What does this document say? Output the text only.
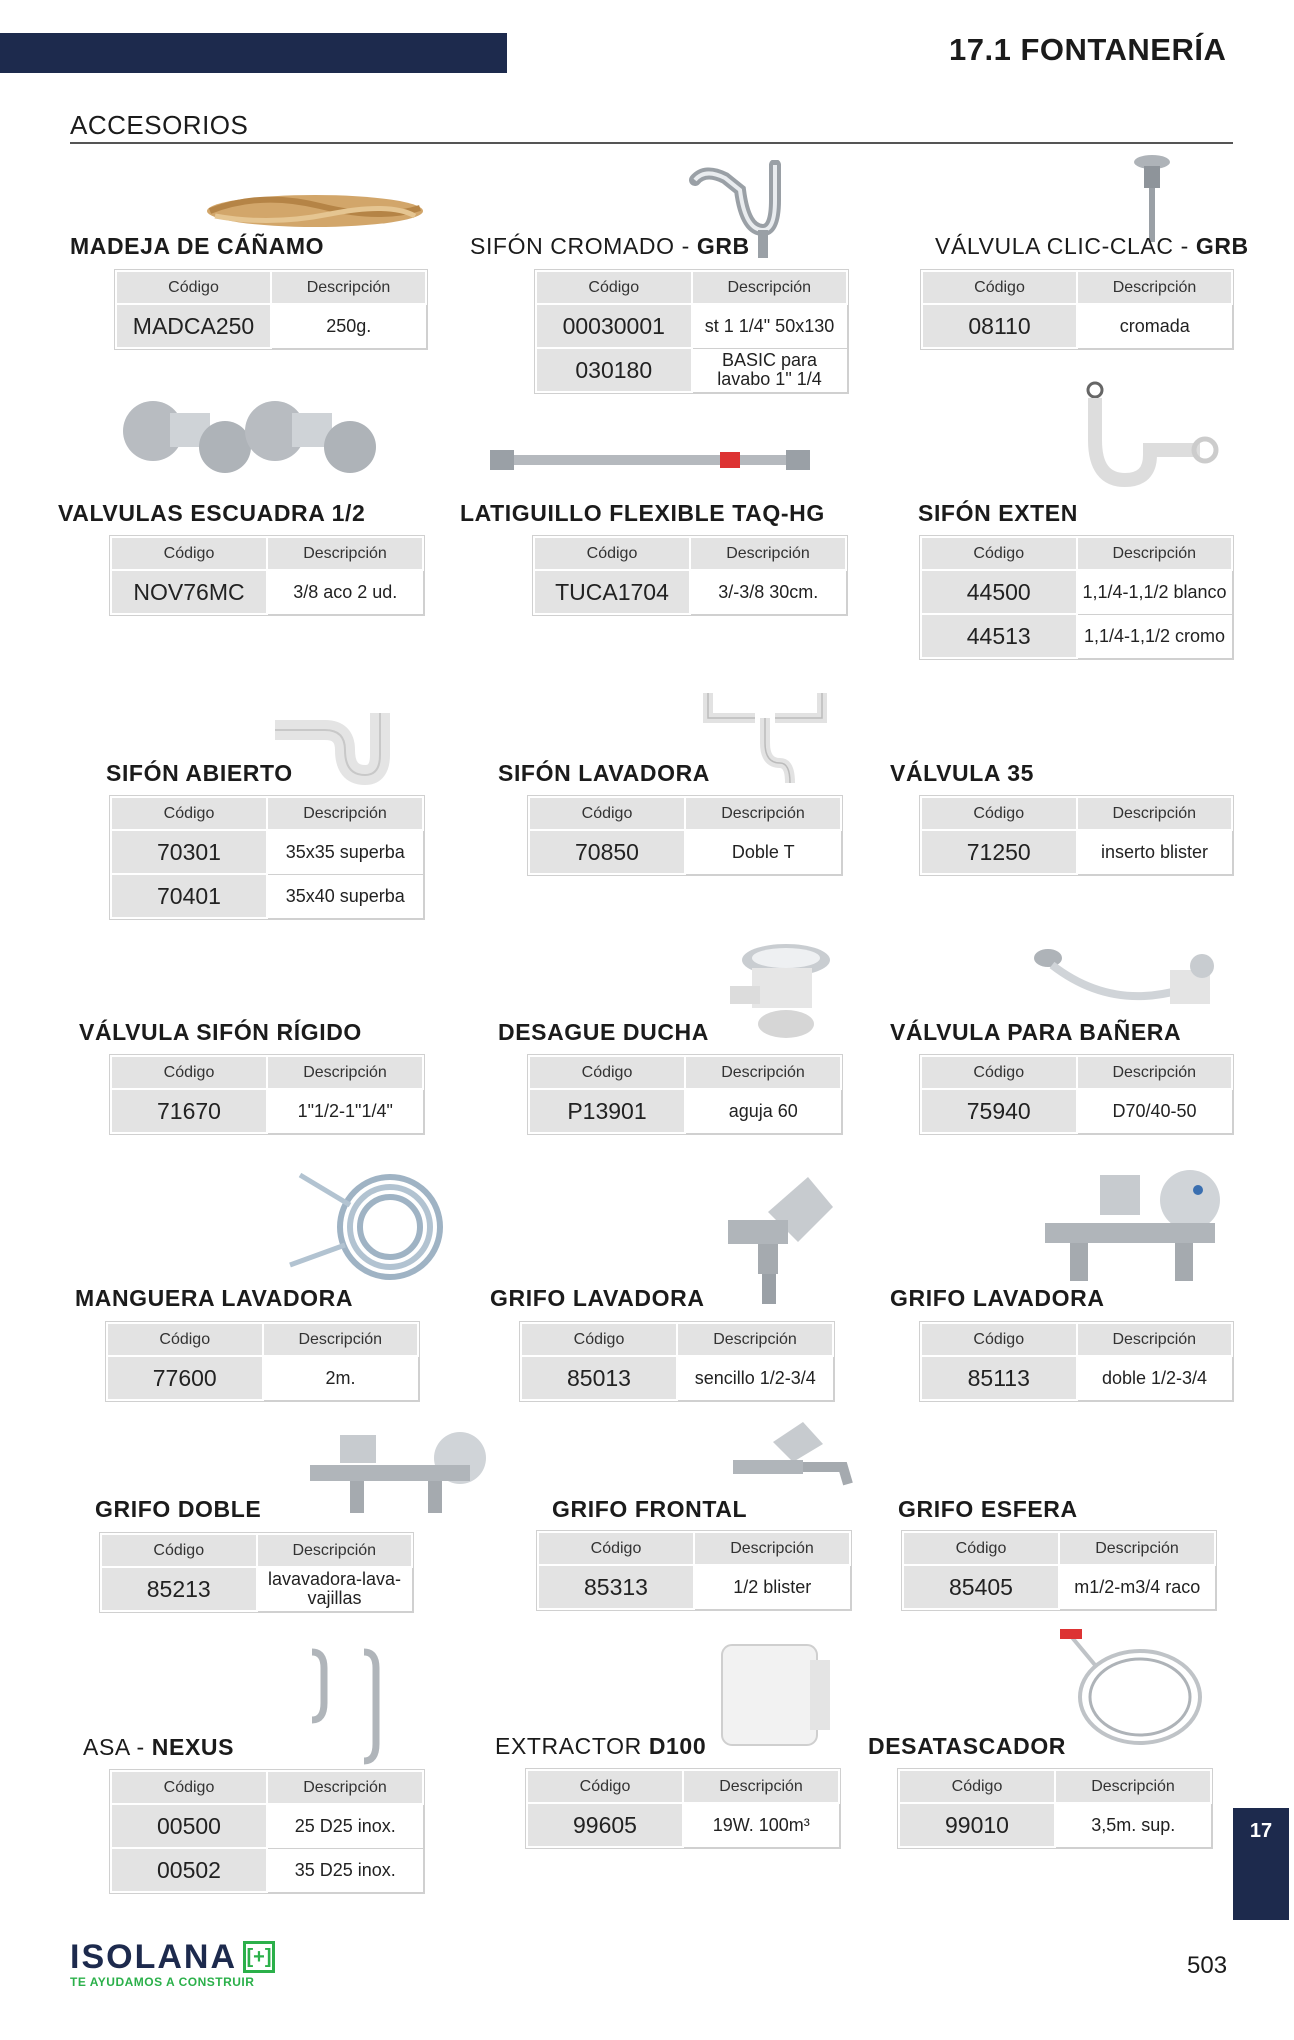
17.1 FONTANERÍA
ACCESORIOS
MADEJA DE CÁÑAMO
Código	Descripción
MADCA250	250g.
SIFÓN CROMADO - GRB
Código	Descripción
00030001	st 1 1/4" 50x130
030180	BASIC para lavabo 1" 1/4
VÁLVULA CLIC-CLAC - GRB
Código	Descripción
08110	cromada
VALVULAS ESCUADRA 1/2
Código	Descripción
NOV76MC	3/8 aco 2 ud.
LATIGUILLO FLEXIBLE TAQ-HG
Código	Descripción
TUCA1704	3/-3/8 30cm.
SIFÓN EXTEN
Código	Descripción
44500	1,1/4-1,1/2 blanco
44513	1,1/4-1,1/2 cromo
SIFÓN ABIERTO
Código	Descripción
70301	35x35 superba
70401	35x40 superba
SIFÓN LAVADORA
Código	Descripción
70850	Doble T
VÁLVULA 35
Código	Descripción
71250	inserto blister
VÁLVULA SIFÓN RÍGIDO
Código	Descripción
71670	1"1/2-1"1/4"
DESAGUE DUCHA
Código	Descripción
P13901	aguja 60
VÁLVULA PARA BAÑERA
Código	Descripción
75940	D70/40-50
MANGUERA LAVADORA
Código	Descripción
77600	2m.
GRIFO LAVADORA
Código	Descripción
85013	sencillo 1/2-3/4
GRIFO LAVADORA
Código	Descripción
85113	doble 1/2-3/4
GRIFO DOBLE
Código	Descripción
85213	lavavadora-lava-vajillas
GRIFO FRONTAL
Código	Descripción
85313	1/2 blister
GRIFO ESFERA
Código	Descripción
85405	m1/2-m3/4 raco
ASA - NEXUS
Código	Descripción
00500	25 D25 inox.
00502	35 D25 inox.
EXTRACTOR D100
Código	Descripción
99605	19W. 100m³
DESATASCADOR
Código	Descripción
99010	3,5m. sup.	17
ISOLANA [+]
TE AYUDAMOS A CONSTRUIR
503
